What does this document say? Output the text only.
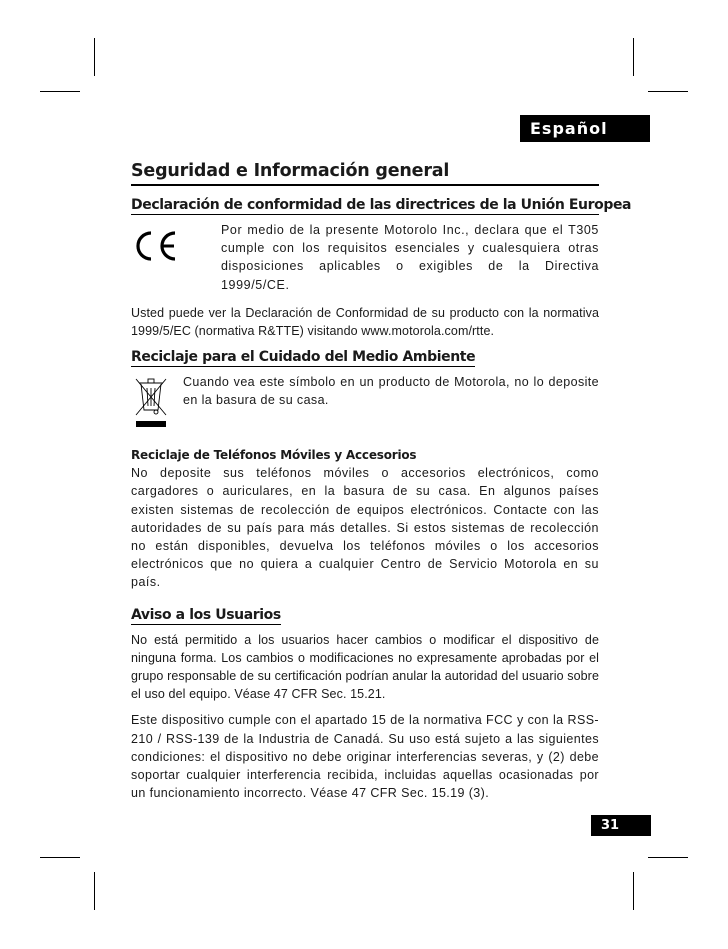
Español
Seguridad e Información general
Declaración de conformidad de las directrices de la Unión Europea

Por medio de la presente Motorolo Inc., declara que el T305 cumple con los requisitos esenciales y cualesquiera otras disposiciones aplicables o exigibles de la Directiva 1999/5/CE.

Usted puede ver la Declaración de Conformidad de su producto con la normativa 1999/5/EC (normativa R&TTE) visitando www.motorola.com/rtte.

Reciclaje para el Cuidado del Medio Ambiente

Cuando vea este símbolo en un producto de Motorola, no lo deposite en la basura de su casa.

Reciclaje de Teléfonos Móviles y Accesorios

No deposite sus teléfonos móviles o accesorios electrónicos, como cargadores o auriculares, en la basura de su casa. En algunos países existen sistemas de recolección de equipos electrónicos. Contacte con las autoridades de su país para más detalles. Si estos sistemas de recolección no están disponibles, devuelva los teléfonos móviles o los accesorios electrónicos que no quiera a cualquier Centro de Servicio Motorola en su país.

Aviso a los Usuarios

No está permitido a los usuarios hacer cambios o modificar el dispositivo de ninguna forma. Los cambios o modificaciones no expresamente aprobadas por el grupo responsable de su certificación podrían anular la autoridad del usuario sobre el uso del equipo. Véase 47 CFR Sec. 15.21.

Este dispositivo cumple con el apartado 15 de la normativa FCC y con la RSS-210 / RSS-139 de la Industria de Canadá. Su uso está sujeto a las siguientes condiciones: el dispositivo no debe originar interferencias severas, y (2) debe soportar cualquier interferencia recibida, incluidas aquellas ocasionadas por un funcionamiento incorrecto. Véase 47 CFR Sec. 15.19 (3).

31
